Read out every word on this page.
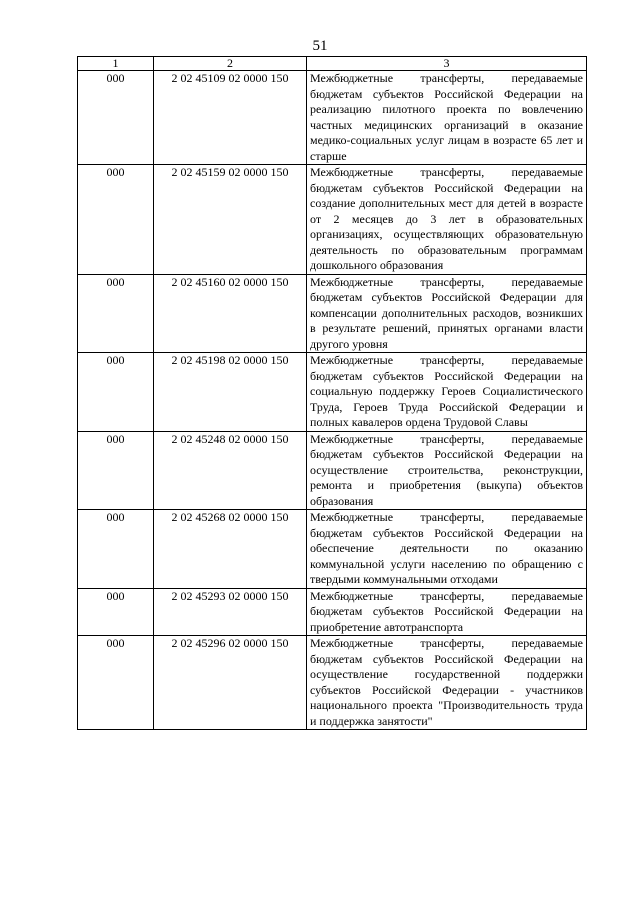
51
1	2	3
000	2 02 45109 02 0000 150	Межбюджетные трансферты, передаваемые бюджетам субъектов Российской Федерации на реализацию пилотного проекта по вовлечению частных медицинских организаций в оказание медико-социальных услуг лицам в возрасте 65 лет и старше
000	2 02 45159 02 0000 150	Межбюджетные трансферты, передаваемые бюджетам субъектов Российской Федерации на создание дополнительных мест для детей в возрасте от 2 месяцев до 3 лет в образовательных организациях, осуществляющих образовательную деятельность по образовательным программам дошкольного образования
000	2 02 45160 02 0000 150	Межбюджетные трансферты, передаваемые бюджетам субъектов Российской Федерации для компенсации дополнительных расходов, возникших в результате решений, принятых органами власти другого уровня
000	2 02 45198 02 0000 150	Межбюджетные трансферты, передаваемые бюджетам субъектов Российской Федерации на социальную поддержку Героев Социалистического Труда, Героев Труда Российской Федерации и полных кавалеров ордена Трудовой Славы
000	2 02 45248 02 0000 150	Межбюджетные трансферты, передаваемые бюджетам субъектов Российской Федерации на осуществление строительства, реконструкции, ремонта и приобретения (выкупа) объектов образования
000	2 02 45268 02 0000 150	Межбюджетные трансферты, передаваемые бюджетам субъектов Российской Федерации на обеспечение деятельности по оказанию коммунальной услуги населению по обращению с твердыми коммунальными отходами
000	2 02 45293 02 0000 150	Межбюджетные трансферты, передаваемые бюджетам субъектов Российской Федерации на приобретение автотранспорта
000	2 02 45296 02 0000 150	Межбюджетные трансферты, передаваемые бюджетам субъектов Российской Федерации на осуществление государственной поддержки субъектов Российской Федерации - участников национального проекта "Производительность труда и поддержка занятости"
